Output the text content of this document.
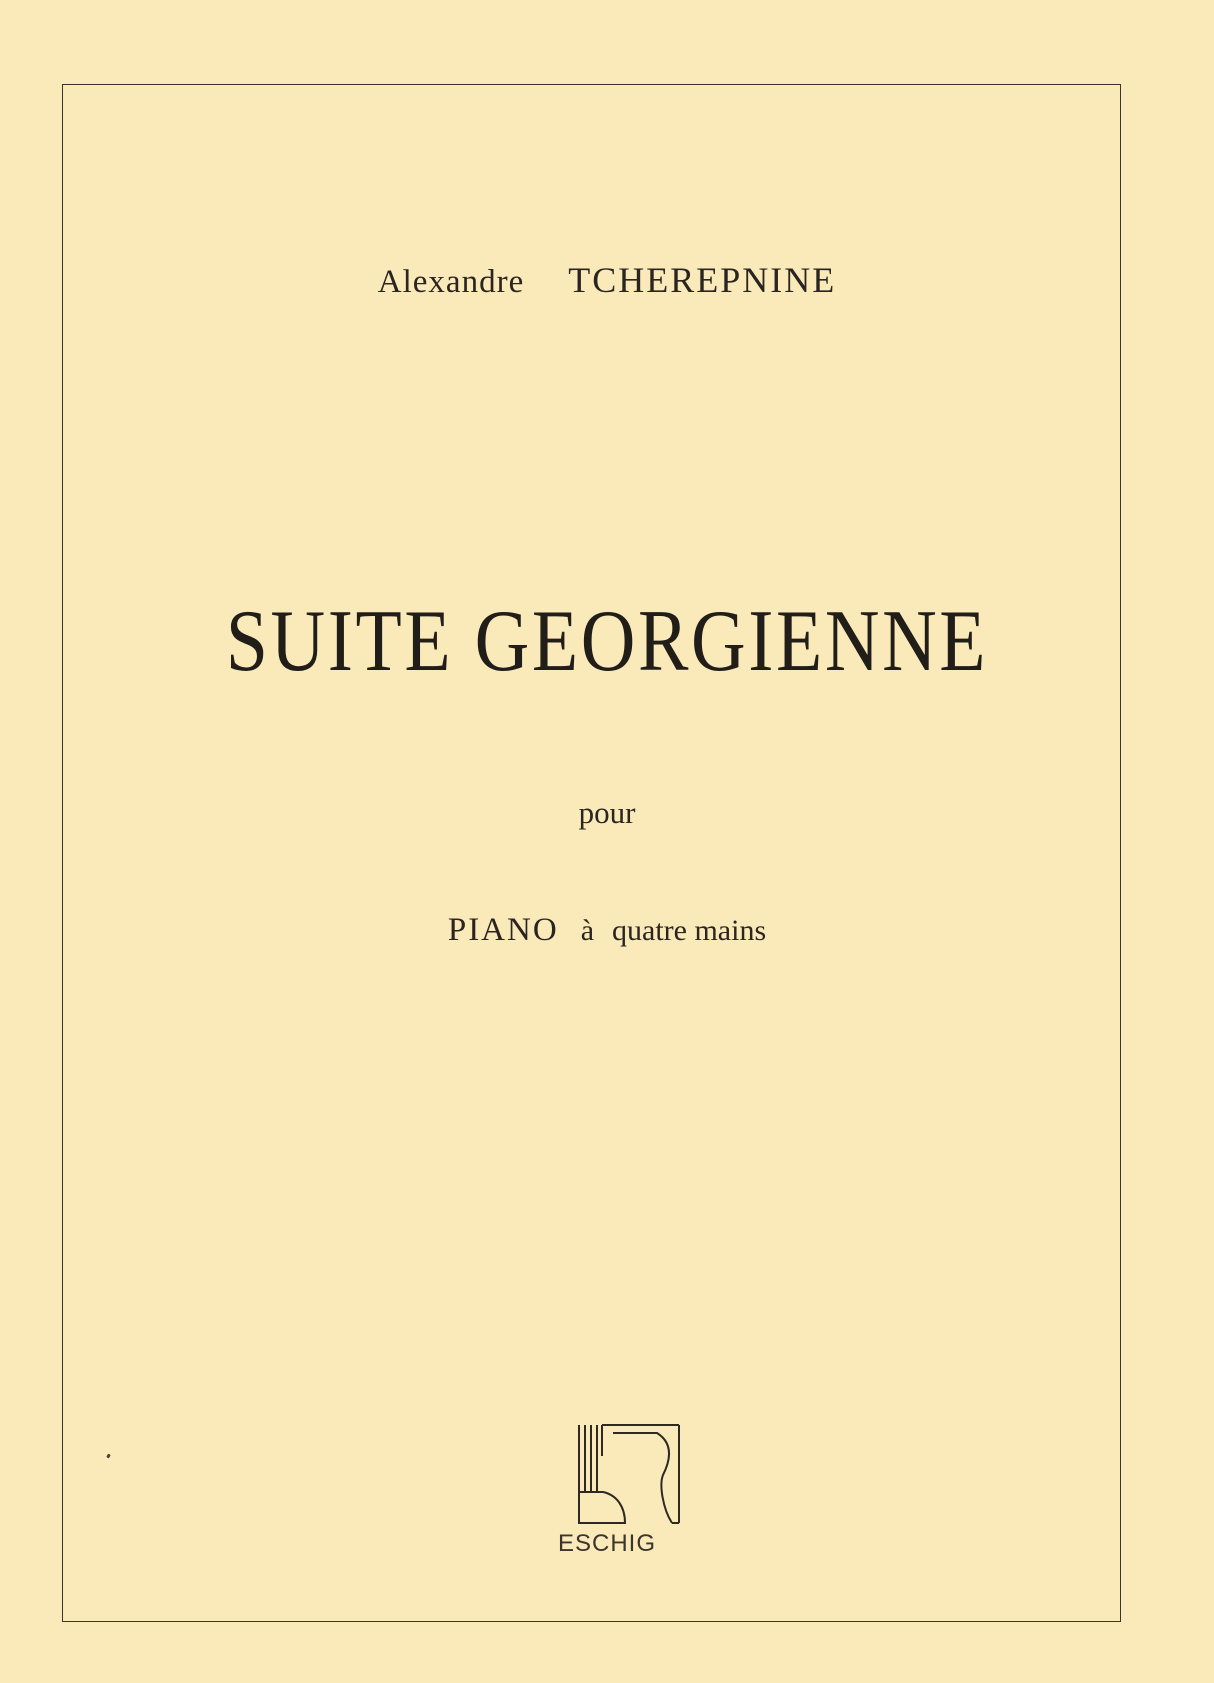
Alexandre TCHEREPNINE
SUITE GEORGIENNE
pour
PIANO à quatre mains
ESCHIG
